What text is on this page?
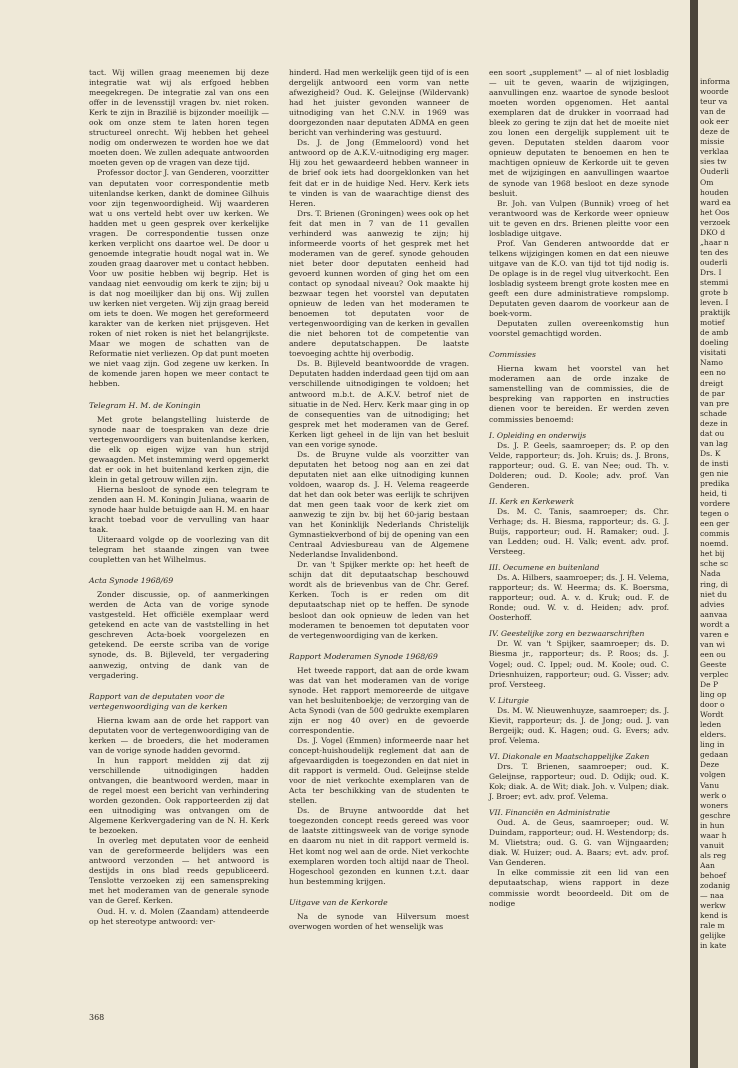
tact. Wij willen graag meenemen bij deze integratie wat wij als erfgoed hebben meegekregen. De integratie zal van ons een offer in de levensstijl vragen bv. niet roken. Kerk te zijn in Brazilië is bijzonder moeilijk — ook om onze stem te laten horen tegen structureel onrecht. Wij hebben het geheel nodig om onderwezen te worden hoe we dat moeten doen. We zullen adequate antwoorden moeten geven op de vragen van deze tijd.

Professor doctor J. van Genderen, voorzitter van deputaten voor correspondentie metb uitenlandse kerken, dankt de dominee Gilhuis voor zijn tegenwoordigheid. Wij waarderen wat u ons verteld hebt over uw kerken. We hadden met u geen gesprek over kerkelijke vragen. De correspondentie tussen onze kerken verplicht ons daartoe wel. De door u genoemde integratie houdt nogal wat in. We zouden graag daarover met u contact hebben. Voor uw positie hebben wij begrip. Het is vandaag niet eenvoudig om kerk te zijn; bij u is dat nog moeilijker dan bij ons. Wij zullen uw kerken niet vergeten. Wij zijn graag bereid om iets te doen. We mogen het gereformeerd karakter van de kerken niet prijsgeven. Het roken of niet roken is niet het belangrijkste. Maar we mogen de schatten van de Reformatie niet verliezen. Op dat punt moeten we niet vaag zijn. God zegene uw kerken. In de komende jaren hopen we meer contact te hebben.

Telegram H. M. de Koningin

Met grote belangstelling luisterde de synode naar de toespraken van deze drie vertegenwoordigers van buitenlandse kerken, die elk op eigen wijze van hun strijd gewaagden. Met instemming werd opgemerkt dat er ook in het buitenland kerken zijn, die klein in getal getrouw willen zijn.

Hierna besloot de synode een telegram te zenden aan H. M. Koningin Juliana, waarin de synode haar hulde betuigde aan H. M. en haar kracht toebad voor de vervulling van haar taak.

Uiteraard volgde op de voorlezing van dit telegram het staande zingen van twee coupletten van het Wilhelmus.

Acta Synode 1968/69

Zonder discussie, op. of aanmerkingen werden de Acta van de vorige synode vastgesteld. Het officiële exemplaar werd getekend en acte van de vaststelling in het geschreven Acta-boek voorgelezen en getekend. De eerste scriba van de vorige synode, ds. B. Bijleveld, ter vergadering aanwezig, ontving de dank van de vergadering.

Rapport van de deputaten voor de vertegenwoordiging van de kerken

Hierna kwam aan de orde het rapport van deputaten voor de vertegenwoordiging van de kerken — de broeders, die het moderamen van de vorige synode hadden gevormd.

In hun rapport meldden zij dat zij verschillende uitnodigingen hadden ontvangen, die beantwoord werden, maar in de regel moest een bericht van verhindering worden gezonden. Ook rapporteerden zij dat een uitnodiging was ontvangen om de Algemene Kerkvergadering van de N. H. Kerk te bezoeken.

In overleg met deputaten voor de eenheid van de gereformeerde belijders was een antwoord verzonden — het antwoord is destijds in ons blad reeds gepubliceerd. Tenslotte verzoeken zij een samenspreking met het moderamen van de generale synode van de Geref. Kerken.

Oud. H. v. d. Molen (Zaandam) attendeerde op het stereotype antwoord: ver-

hinderd. Had men werkelijk geen tijd of is een dergelijk antwoord een vorm van nette afwezigheid? Oud. K. Geleijnse (Wildervank) had het juister gevonden wanneer de uitnodiging van het C.N.V. in 1969 was doorgezonden naar deputaten ADMA en geen bericht van verhindering was gestuurd.

Ds. J. de Jong (Emmeloord) vond het antwoord op de A.K.V.-uitnodiging erg mager. Hij zou het gewaardeerd hebben wanneer in de brief ook iets had doorgeklonken van het feit dat er in de huidige Ned. Herv. Kerk iets te vinden is van de waarachtige dienst des Heren.

Drs. T. Brienen (Groningen) wees ook op het feit dat men in 7 van de 11 gevallen verhinderd was aanwezig te zijn; hij informeerde voorts of het gesprek met het moderamen van de geref. synode gehouden niet beter door deputaten eenheid had gevoerd kunnen worden of ging het om een contact op synodaal niveau? Ook maakte hij bezwaar tegen het voorstel van deputaten opnieuw de leden van het moderamen te benoemen tot deputaten voor de vertegenwoordiging van de kerken in gevallen die niet behoren tot de competentie van andere deputatschappen. De laatste toevoeging achtte hij overbodig.

Ds. B. Bijleveld beantwoordde de vragen. Deputaten hadden inderdaad geen tijd om aan verschillende uitnodigingen te voldoen; het antwoord m.b.t. de A.K.V. betrof niet de situatie in de Ned. Herv. Kerk maar ging in op de consequenties van de uitnodiging; het gesprek met het moderamen van de Geref. Kerken ligt geheel in de lijn van het besluit van een vorige synode.

Ds. de Bruyne vulde als voorzitter van deputaten het betoog nog aan en zei dat deputaten niet aan elke uitnodiging kunnen voldoen, waarop ds. J. H. Velema reageerde dat het dan ook beter was eerlijk te schrijven dat men geen taak voor de kerk ziet om aanwezig te zijn bv. bij het 60-jarig bestaan van het Koninklijk Nederlands Christelijk Gymnastiekverbond of bij de opening van een Centraal Adviesbureau van de Algemene Nederlandse Invalidenbond.

Dr. van 't Spijker merkte op: het heeft de schijn dat dit deputaatschap beschouwd wordt als de brievenbus van de Chr. Geref. Kerken. Toch is er reden om dit deputaatschap niet op te heffen. De synode besloot dan ook opnieuw de leden van het moderamen te benoemen tot deputaten voor de vertegenwoordiging van de kerken.

Rapport Moderamen Synode 1968/69

Het tweede rapport, dat aan de orde kwam was dat van het moderamen van de vorige synode. Het rapport memoreerde de uitgave van het besluitenboekje; de verzorging van de Acta Synodi (van de 500 gedrukte exemplaren zijn er nog 40 over) en de gevoerde correspondentie.

Ds. J. Vogel (Emmen) informeerde naar het concept-huishoudelijk reglement dat aan de afgevaardigden is toegezonden en dat niet in dit rapport is vermeld. Oud. Geleijnse stelde voor de niet verkochte exemplaren van de Acta ter beschikking van de studenten te stellen.

Ds. de Bruyne antwoordde dat het toegezonden concept reeds gereed was voor de laatste zittingsweek van de vorige synode en daarom nu niet in dit rapport vermeld is. Het komt nog wel aan de orde. Niet verkochte exemplaren worden toch altijd naar de Theol. Hogeschool gezonden en kunnen t.z.t. daar hun bestemming krijgen.

Uitgave van de Kerkorde

Na de synode van Hilversum moest overwogen worden of het wenselijk was

een soort „supplement" — al of niet losbladig — uit te geven, waarin de wijzigingen, aanvullingen enz. waartoe de synode besloot moeten worden opgenomen. Het aantal exemplaren dat de drukker in voorraad had bleek zo gering te zijn dat het de moeite niet zou lonen een dergelijk supplement uit te geven. Deputaten stelden daarom voor opnieuw deputaten te benoemen en hen te machtigen opnieuw de Kerkorde uit te geven met de wijzigingen en aanvullingen waartoe de synode van 1968 besloot en deze synode besluit.

Br. Joh. van Vulpen (Bunnik) vroeg of het verantwoord was de Kerkorde weer opnieuw uit te geven en drs. Brienen pleitte voor een losbladige uitgave.

Prof. Van Genderen antwoordde dat er telkens wijzigingen komen en dat een nieuwe uitgave van de K.O. van tijd tot tijd nodig is. De oplage is in de regel vlug uitverkocht. Een losbladig systeem brengt grote kosten mee en geeft een dure administratieve rompslomp. Deputaten geven daarom de voorkeur aan de boek-vorm.

Deputaten zullen overeenkomstig hun voorstel gemachtigd worden.

Commissies

Hierna kwam het voorstel van het moderamen aan de orde inzake de samenstelling van de commissies, die de bespreking van rapporten en instructies dienen voor te bereiden. Er werden zeven commissies benoemd:

I. Opleiding en onderwijs

Ds. J. P. Geels, saamroeper; ds. P. op den Velde, rapporteur; ds. Joh. Kruis; ds. J. Brons, rapporteur; oud. G. E. van Nee; oud. Th. v. Dolderen; oud. D. Koole; adv. prof. Van Genderen.

II. Kerk en Kerkewerk

Ds. M. C. Tanis, saamroeper; ds. Chr. Verhage; ds. H. Biesma, rapporteur; ds. G. J. Buijs, rapporteur; oud. H. Ramaker; oud. J. van Ledden; oud. H. Valk; event. adv. prof. Versteeg.

III. Oecumene en buitenland

Ds. A. Hilbers, saamroeper; ds. J. H. Velema, rapporteur; ds. W. Heerma; ds. K. Boersma, rapporteur; oud. A. v. d. Kruk; oud. F. de Ronde; oud. W. v. d. Heiden; adv. prof. Oosterhoff.

IV. Geestelijke zorg en bezwaarschriften

Dr. W. van 't Spijker, saamroeper; ds. D. Biesma jr., rapporteur; ds. P. Roos; ds. J. Vogel; oud. C. Ippel; oud. M. Koole; oud. C. Driesnhuizen, rapporteur; oud. G. Visser; adv. prof. Versteeg.

V. Liturgie

Ds. M. W. Nieuwenhuyze, saamroeper; ds. J. Kievit, rapporteur; ds. J. de Jong; oud. J. van Bergeijk; oud. K. Hagen; oud. G. Evers; adv. prof. Velema.

VI. Diakonale en Maatschappelijke Zaken

Drs. T. Brienen, saamroeper; oud. K. Geleijnse, rapporteur; oud. D. Odijk; oud. K. Kok; diak. A. de Wit; diak. Joh. v. Vulpen; diak. J. Broer; evt. adv. prof. Velema.

VII. Financiën en Administratie

Oud. A. de Geus, saamroeper; oud. W. Duindam, rapporteur; oud. H. Westendorp; ds. M. Vlietstra; oud. G. G. van Wijngaarden; diak. W. Huizer; oud. A. Baars; evt. adv. prof. Van Genderen.

In elke commissie zit een lid van een deputaatschap, wiens rapport in deze commissie wordt beoordeeld. Dit om de nodige

368
informa
woorde
teur va
van de
ook eer
deze de
missie
verklaa
sies tw
Ouderli
Om
houden
ward ea
het Oos
verzoek
DKO d
„haar n
ten des
ouderli
Drs. I
stemmi
grote b
leven. I
praktijk
motief
de amb
doeling
visitati
Namo
een no
dreigt
de par
van pre
schade
deze in
dat ou
van lag
Ds. K
de insti
gen nie
predika
heid, ti
vordere
tegen o
een ger
commis
noemd.
het bij
sche sc
Nada
ring, di
niet du
advies
aanvaa
wordt a
varen e
van wi
een ou
Geeste
verplec
De P
ling op
door o
Wordt
leden
elders.
ling in
gedaan
Deze
volgen
Vanu
werk o
woners
geschre
in hun
waar h
vanuit
als reg
Aan
behoef
zodanig
— naa
werkw
kend is
rale m
gelijke
in kate
